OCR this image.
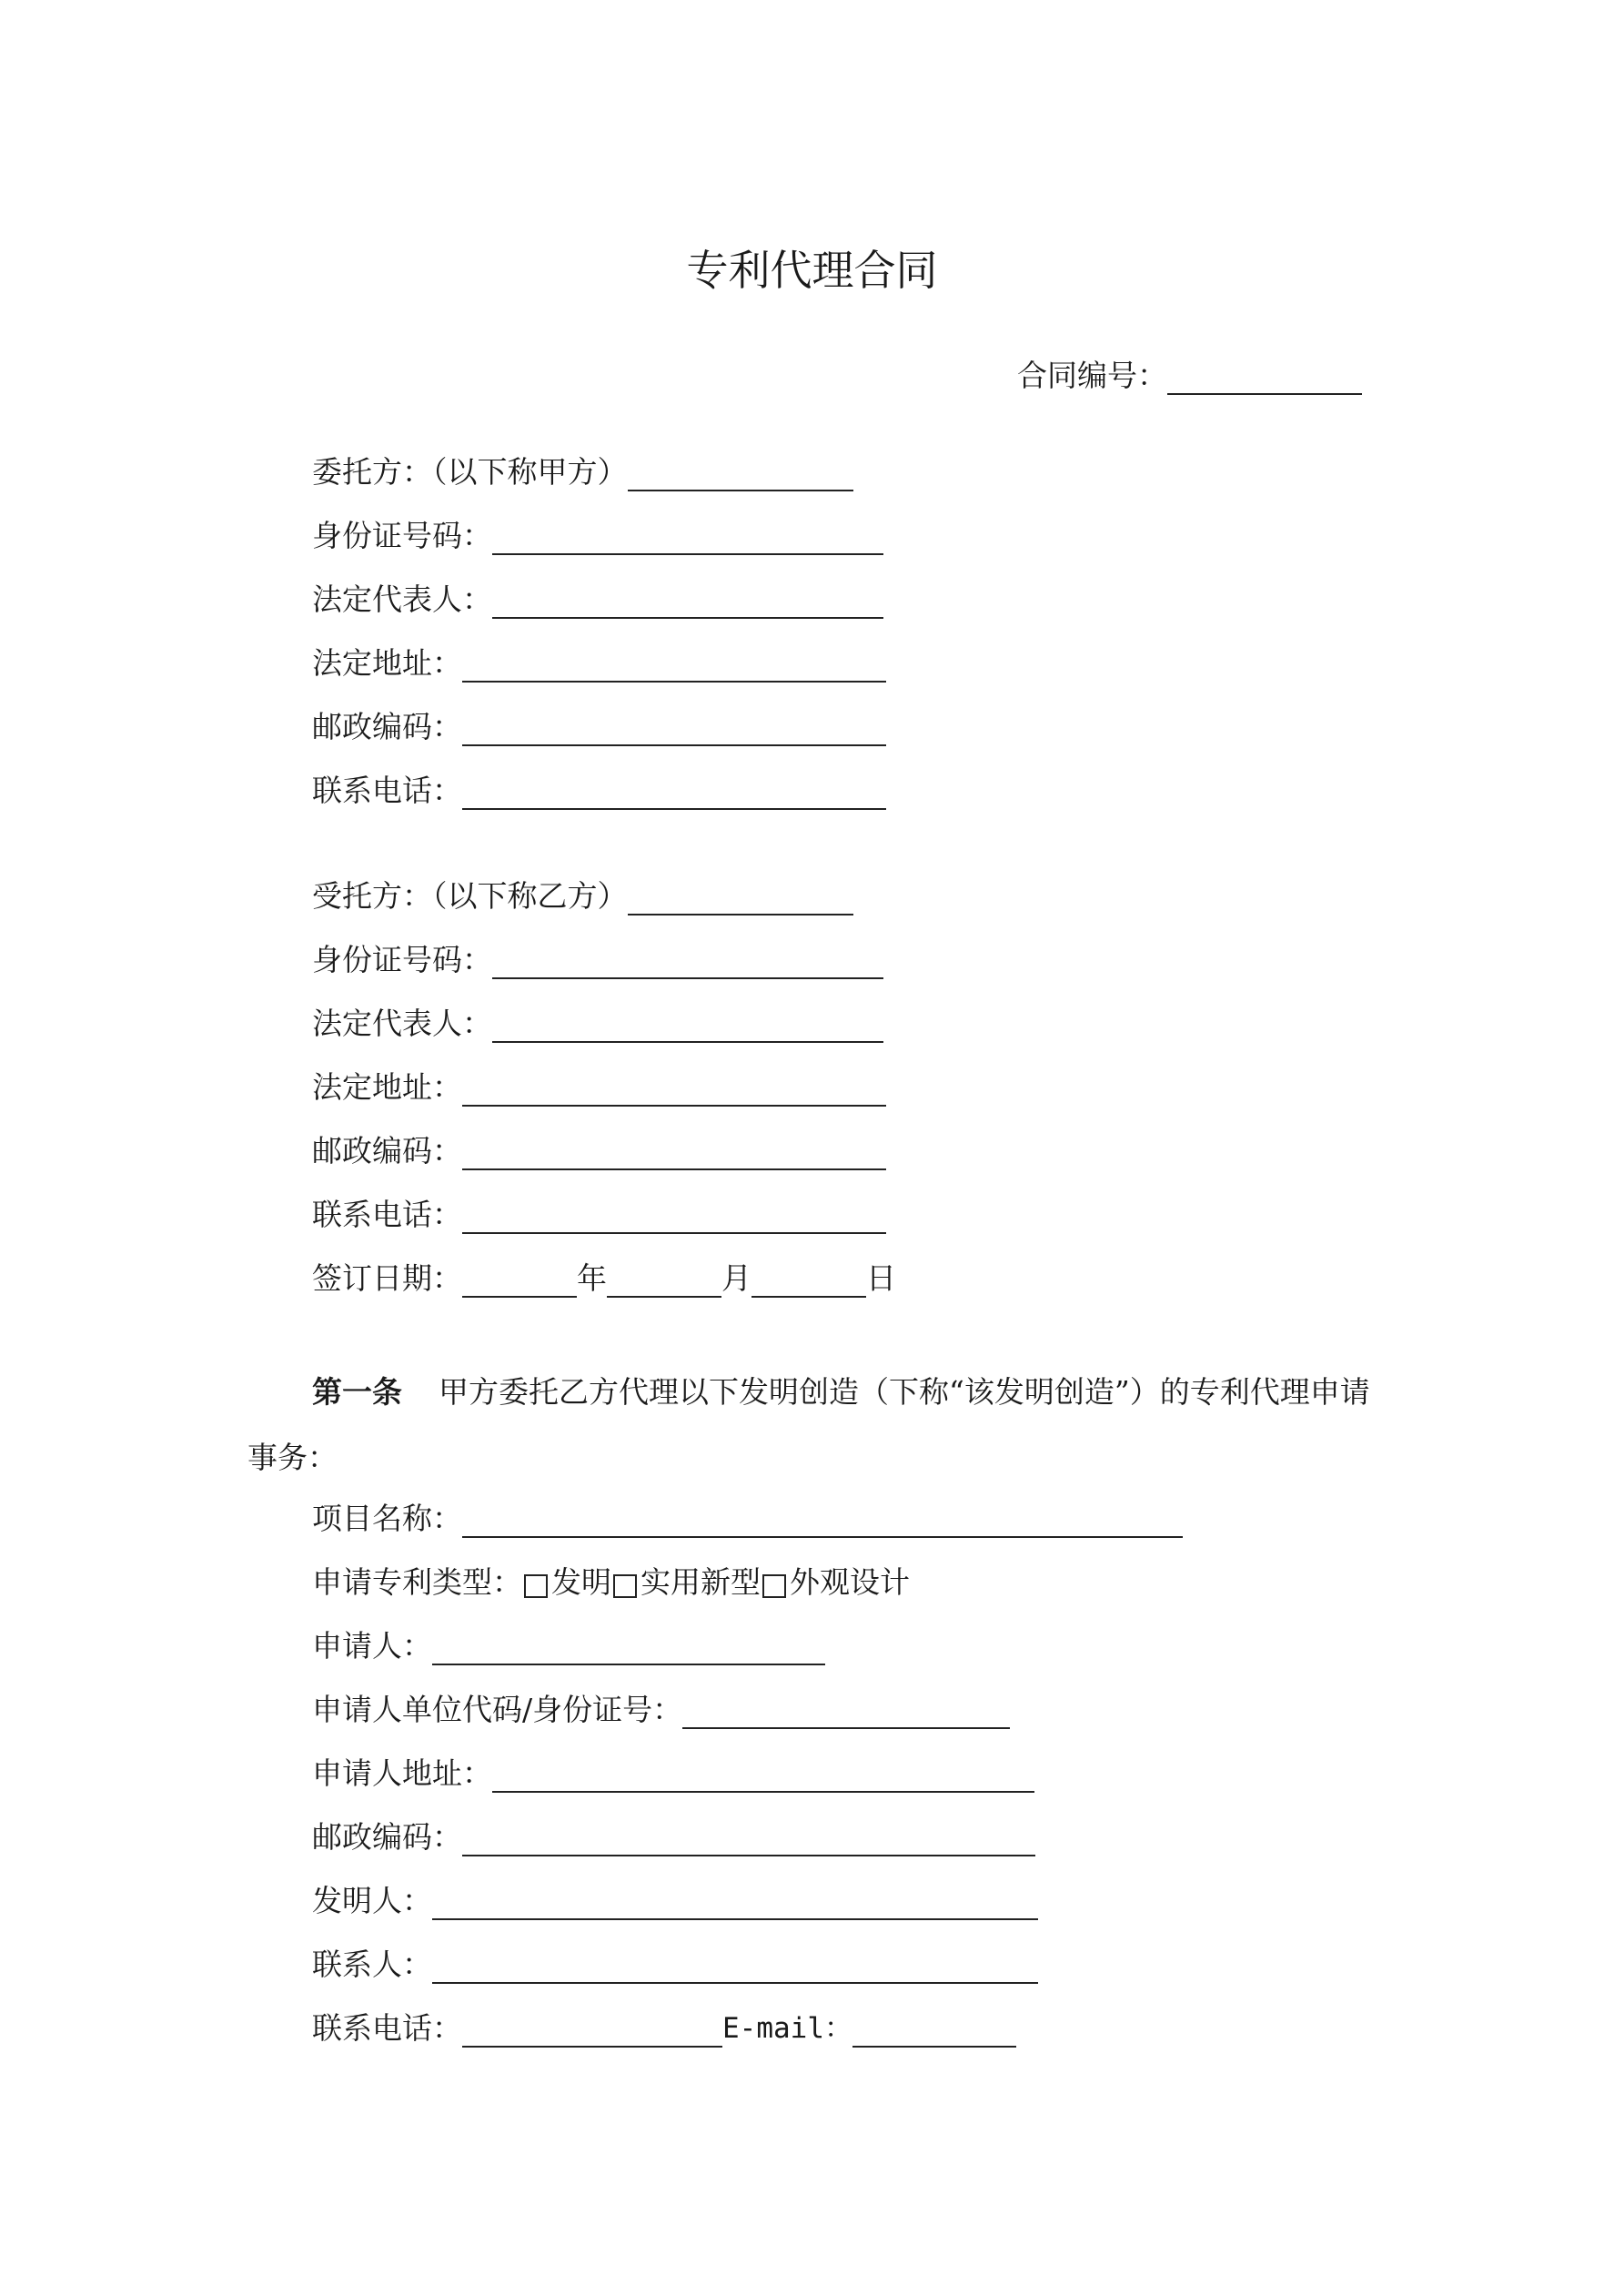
专利代理合同
合同编号：
委托方：（以下称甲方）
身份证号码：
法定代表人：
法定地址：
邮政编码：
联系电话：
受托方：（以下称乙方）
身份证号码：
法定代表人：
法定地址：
邮政编码：
联系电话：
签订日期：	年	月	日
第一条 甲方委托乙方代理以下发明创造（下称“该发明创造”）的专利代理申请事务：
项目名称：
申请专利类型： 发明 实用新型 外观设计
申请人：
申请人单位代码/身份证号：
申请人地址：
邮政编码：
发明人：
联系人：
联系电话：	E-mail：
